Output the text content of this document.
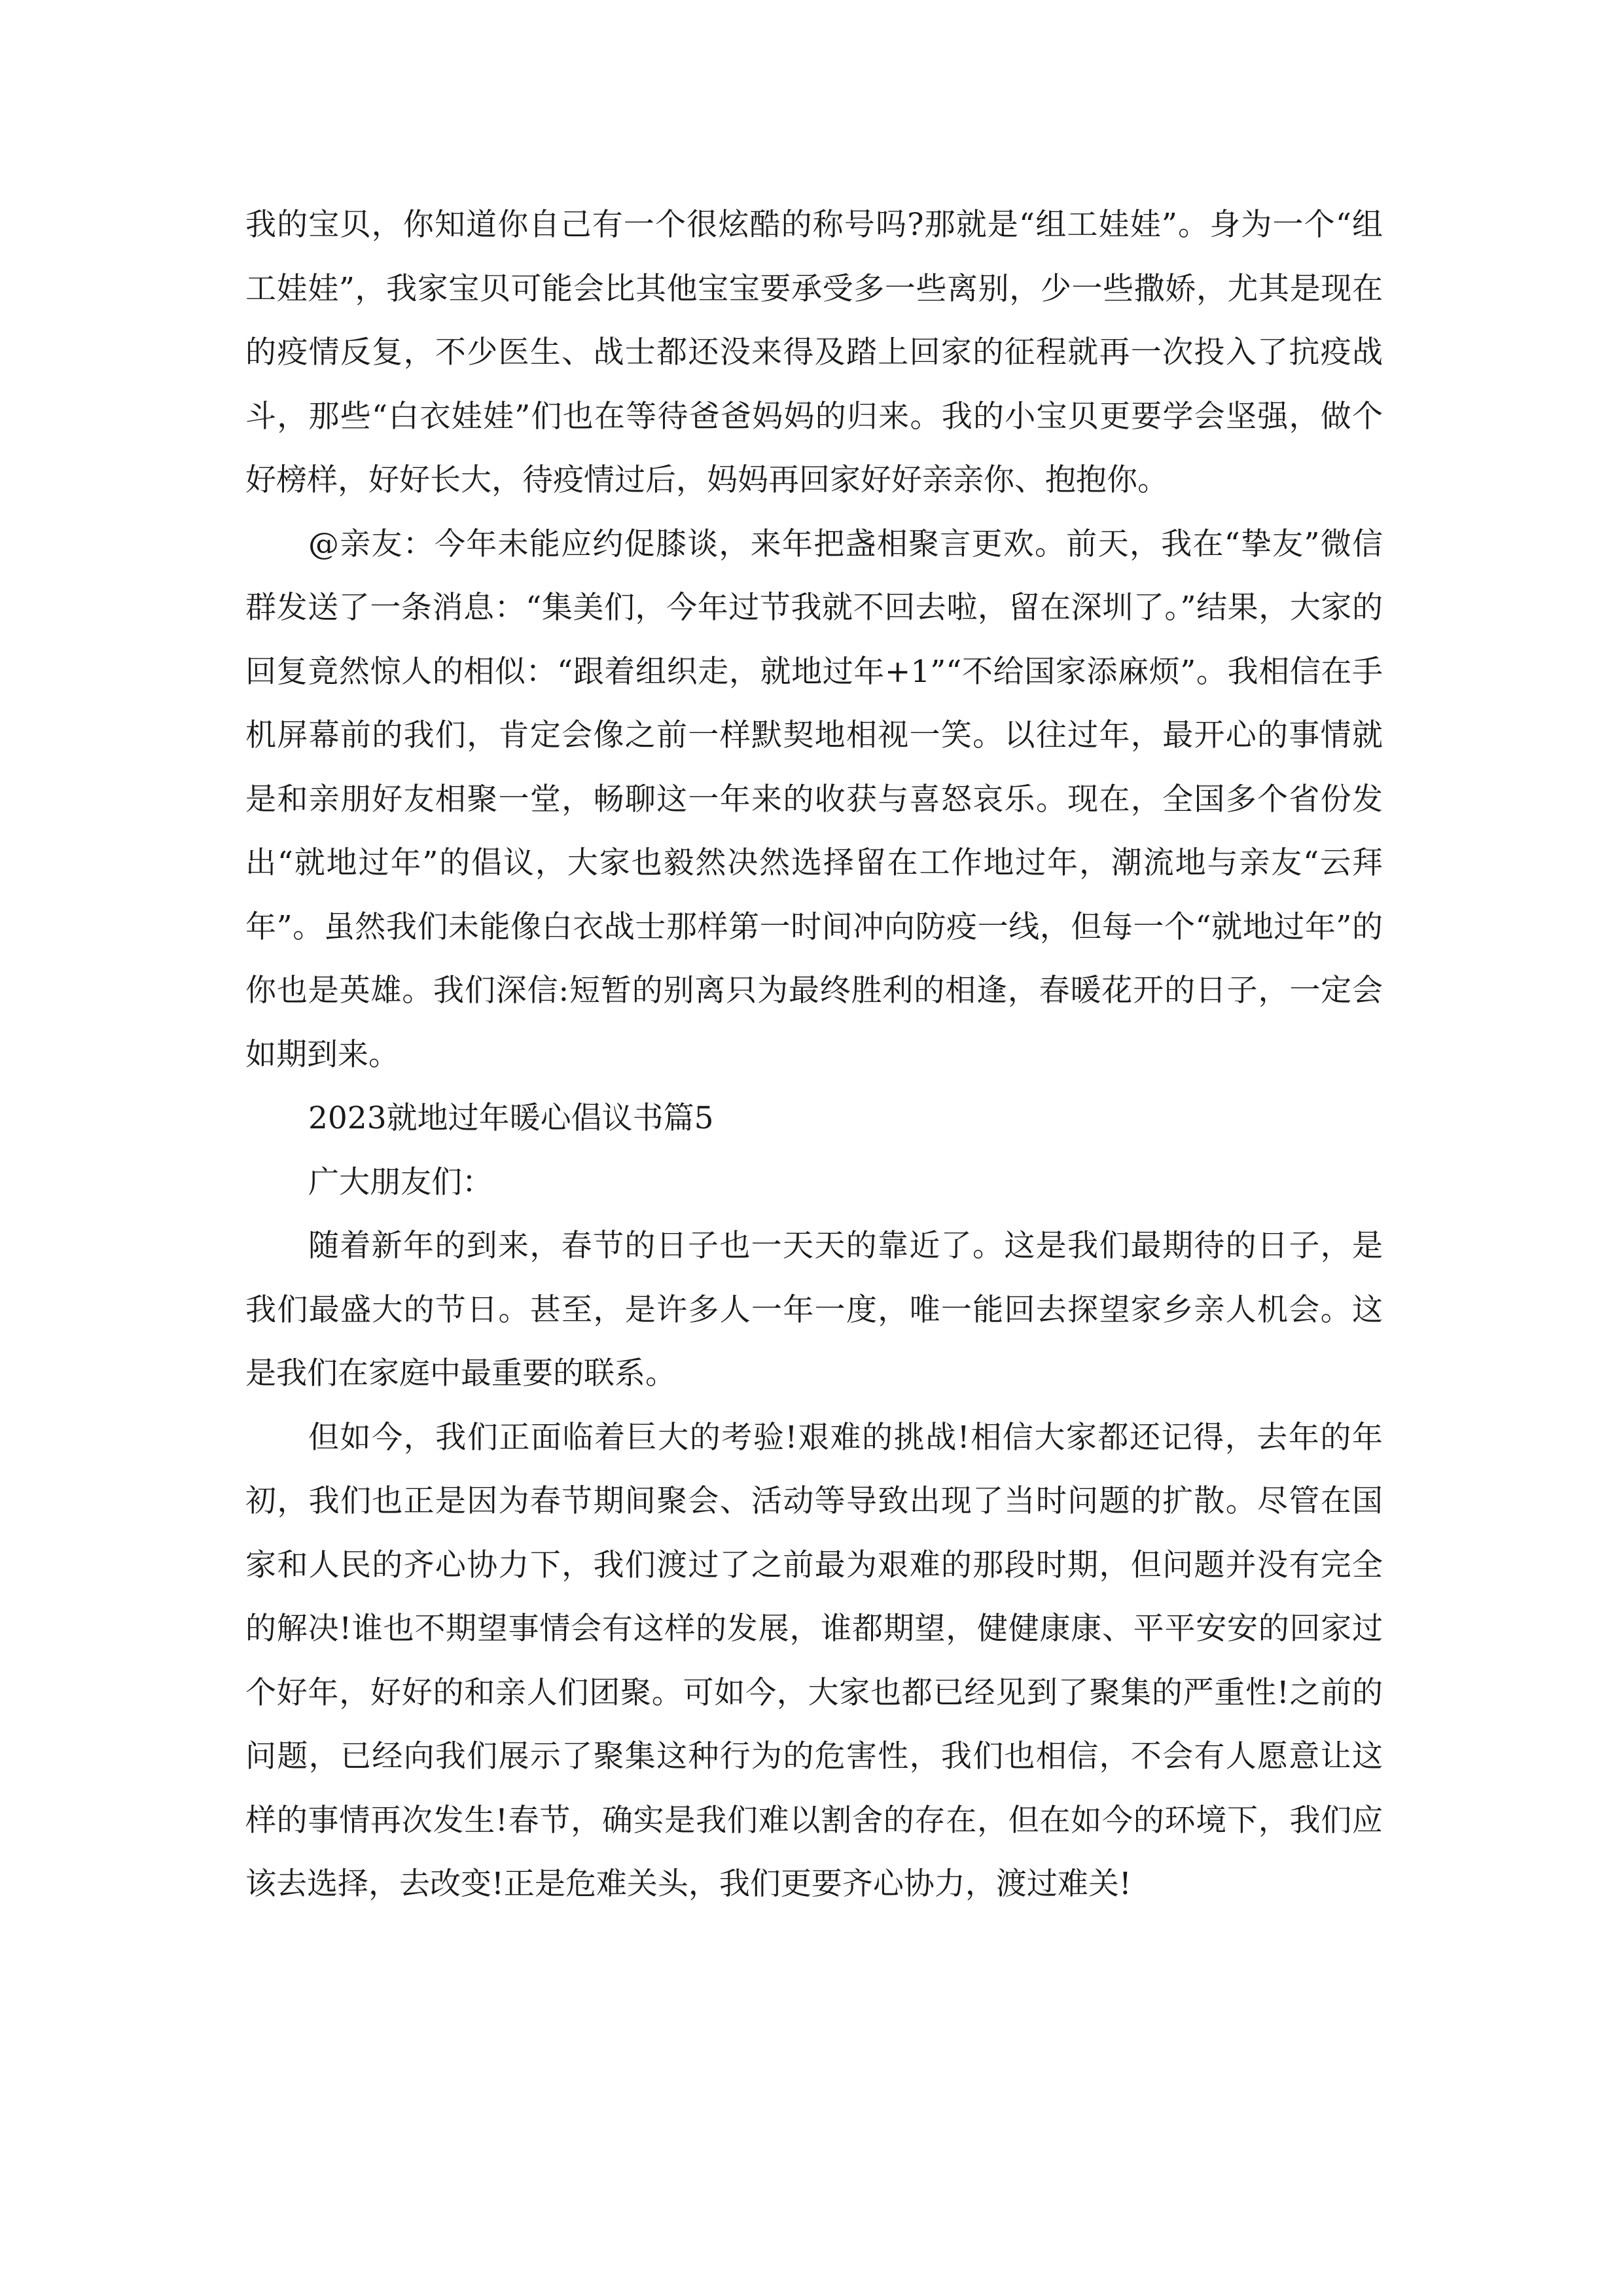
我的宝贝，你知道你自己有一个很炫酷的称号吗?那就是“组工娃娃”。身为一个“组工娃娃”，我家宝贝可能会比其他宝宝要承受多一些离别，少一些撒娇，尤其是现在的疫情反复，不少医生、战士都还没来得及踏上回家的征程就再一次投入了抗疫战斗，那些“白衣娃娃”们也在等待爸爸妈妈的归来。我的小宝贝更要学会坚强，做个好榜样，好好长大，待疫情过后，妈妈再回家好好亲亲你、抱抱你。

@亲友：今年未能应约促膝谈，来年把盏相聚言更欢。前天，我在“挚友”微信群发送了一条消息：“集美们，今年过节我就不回去啦，留在深圳了。”结果，大家的回复竟然惊人的相似：“跟着组织走，就地过年+1”“不给国家添麻烦”。我相信在手机屏幕前的我们，肯定会像之前一样默契地相视一笑。以往过年，最开心的事情就是和亲朋好友相聚一堂，畅聊这一年来的收获与喜怒哀乐。现在，全国多个省份发出“就地过年”的倡议，大家也毅然决然选择留在工作地过年，潮流地与亲友“云拜年”。虽然我们未能像白衣战士那样第一时间冲向防疫一线，但每一个“就地过年”的你也是英雄。我们深信:短暂的别离只为最终胜利的相逢，春暖花开的日子，一定会如期到来。

2023就地过年暖心倡议书篇5

广大朋友们：

随着新年的到来，春节的日子也一天天的靠近了。这是我们最期待的日子，是我们最盛大的节日。甚至，是许多人一年一度，唯一能回去探望家乡亲人机会。这是我们在家庭中最重要的联系。

但如今，我们正面临着巨大的考验!艰难的挑战!相信大家都还记得，去年的年初，我们也正是因为春节期间聚会、活动等导致出现了当时问题的扩散。尽管在国家和人民的齐心协力下，我们渡过了之前最为艰难的那段时期，但问题并没有完全的解决!谁也不期望事情会有这样的发展，谁都期望，健健康康、平平安安的回家过个好年，好好的和亲人们团聚。可如今，大家也都已经见到了聚集的严重性!之前的问题，已经向我们展示了聚集这种行为的危害性，我们也相信，不会有人愿意让这样的事情再次发生!春节，确实是我们难以割舍的存在，但在如今的环境下，我们应该去选择，去改变!正是危难关头，我们更要齐心协力，渡过难关!
